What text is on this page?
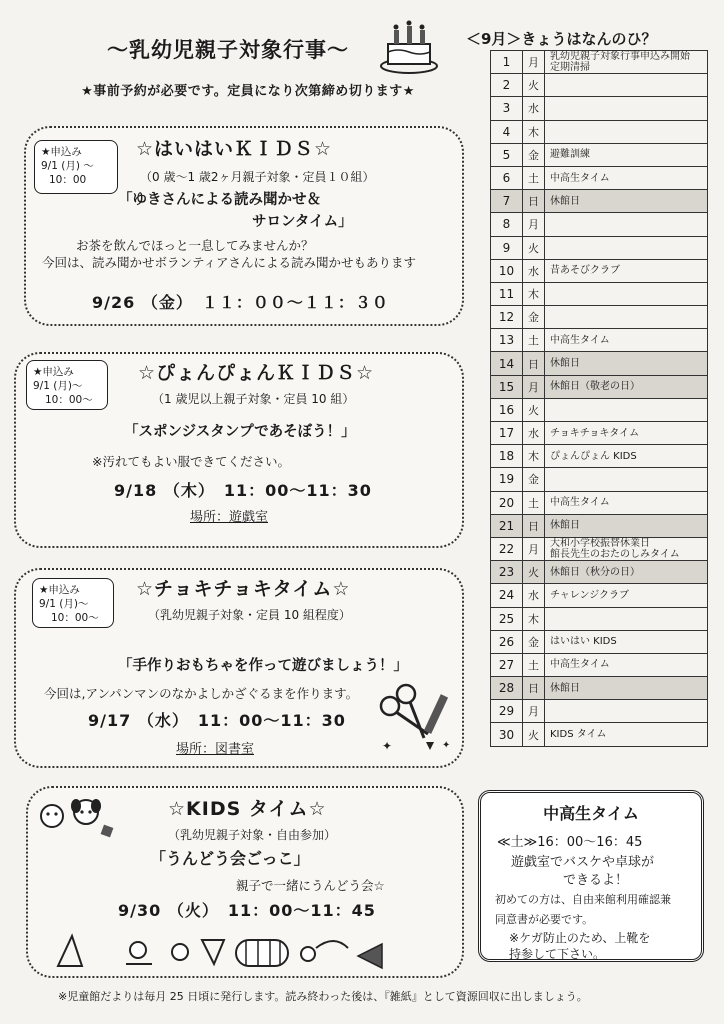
〜乳幼児親子対象行事〜
★事前予約が必要です。定員になり次第締め切ります★
★申込み
9/1 (月) 〜
10：00
☆はいはいＫＩＤＳ☆
（0 歳〜1 歳2ヶ月親子対象・定員１０組）
「ゆきさんによる読み聞かせ＆
サロンタイム」
お茶を飲んでほっと一息してみませんか？
今回は、読み聞かせボランティアさんによる読み聞かせもあります
9/26 （金）　１１：００〜１１：３０
★申込み
9/1 (月)〜
10：00〜
☆ぴょんぴょんＫＩＤＳ☆
（1 歳児以上親子対象・定員 10 組）
「スポンジスタンプであそぼう！」
※汚れてもよい服できてください。
9/18 （木）　11：00〜11：30
場所：遊戯室
★申込み
9/1 (月)〜
10：00〜
☆チョキチョキタイム☆
（乳幼児親子対象・定員 10 組程度）
「手作りおもちゃを作って遊びましょう！」
今回は,アンパンマンのなかよしかざぐるまを作ります。
9/17 （水）　11：00〜11：30
場所：図書室	✦	✦
☆KIDS タイム☆
（乳幼児親子対象・自由参加）
「うんどう会ごっこ」
親子で一緒にうんどう会☆
9/30 （火）　11：00〜11：45
＜9月＞きょうはなんのひ？
1	月	乳幼児親子対象行事申込み開始
定期清掃

2	火	

3	水	

4	木	

5	金	避難訓練

6	土	中高生タイム

7	日	休館日

8	月	

9	火	

10	水	昔あそびクラブ

11	木	

12	金	

13	土	中高生タイム

14	日	休館日

15	月	休館日（敬老の日）

16	火	

17	水	チョキチョキタイム

18	木	ぴょんぴょん KIDS

19	金	

20	土	中高生タイム

21	日	休館日

22	月	大和小学校振替休業日
館長先生のおたのしみタイム

23	火	休館日（秋分の日）

24	水	チャレンジクラブ

25	木	

26	金	はいはい KIDS

27	土	中高生タイム

28	日	休館日

29	月	

30	火	KIDS タイム
中高生タイム
≪土≫16：00〜16：45
遊戯室でバスケや卓球が
できるよ！
初めての方は、自由来館利用確認兼
同意書が必要です。
※ケガ防止のため、上靴を
持参して下さい。
※児童館だよりは毎月 25 日頃に発行します。読み終わった後は、『雑紙』として資源回収に出しましょう。
